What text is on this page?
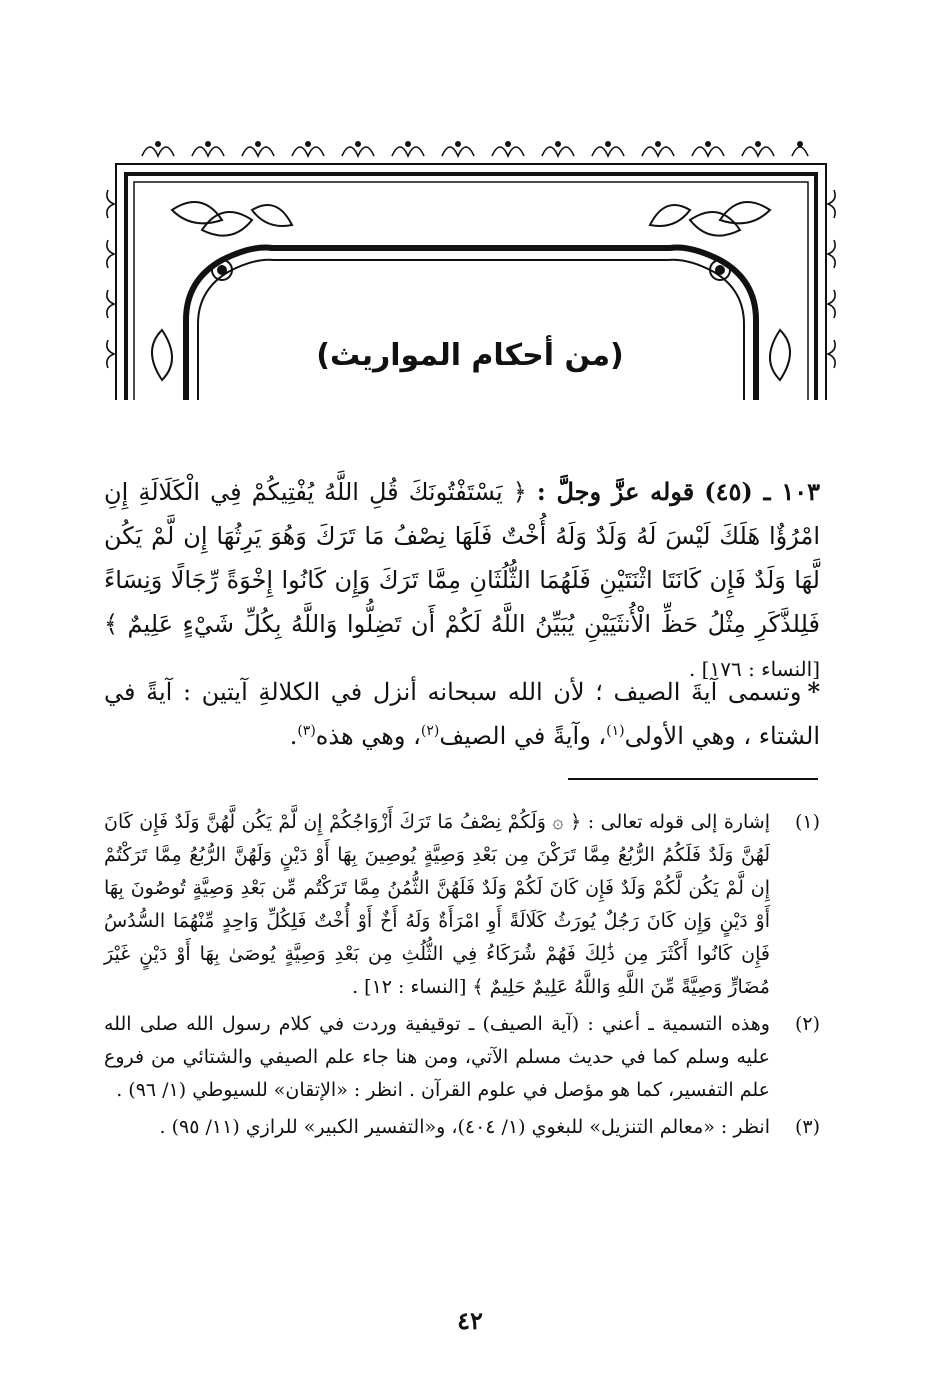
(من أحكام المواريث)
١٠٣ ـ (٤٥) قوله عزَّ وجلَّ : ﴿ يَسْتَفْتُونَكَ قُلِ اللَّهُ يُفْتِيكُمْ فِي الْكَلَالَةِ إِنِ امْرُؤٌا هَلَكَ لَيْسَ لَهُ وَلَدٌ وَلَهُ أُخْتٌ فَلَهَا نِصْفُ مَا تَرَكَ وَهُوَ يَرِثُهَا إِن لَّمْ يَكُن لَّهَا وَلَدٌ فَإِن كَانَتَا اثْنَتَيْنِ فَلَهُمَا الثُّلُثَانِ مِمَّا تَرَكَ وَإِن كَانُوا إِخْوَةً رِّجَالًا وَنِسَاءً فَلِلذَّكَرِ مِثْلُ حَظِّ الْأُنثَيَيْنِ يُبَيِّنُ اللَّهُ لَكُمْ أَن تَضِلُّوا وَاللَّهُ بِكُلِّ شَيْءٍ عَلِيمٌ ﴾ [النساء : ١٧٦] .
*وتسمى آيةَ الصيف ؛ لأن الله سبحانه أنزل في الكلالةِ آيتين : آيةً في الشتاء ، وهي الأولى$^{(١)}$، وآيةً في الصيف$^{(٢)}$، وهي هذه$^{(٣)}$.
(١)
إشارة إلى قوله تعالى : ﴿ ۞ وَلَكُمْ نِصْفُ مَا تَرَكَ أَزْوَاجُكُمْ إِن لَّمْ يَكُن لَّهُنَّ وَلَدٌ فَإِن كَانَ لَهُنَّ وَلَدٌ فَلَكُمُ الرُّبُعُ مِمَّا تَرَكْنَ مِن بَعْدِ وَصِيَّةٍ يُوصِينَ بِهَا أَوْ دَيْنٍ وَلَهُنَّ الرُّبُعُ مِمَّا تَرَكْتُمْ إِن لَّمْ يَكُن لَّكُمْ وَلَدٌ فَإِن كَانَ لَكُمْ وَلَدٌ فَلَهُنَّ الثُّمُنُ مِمَّا تَرَكْتُم مِّن بَعْدِ وَصِيَّةٍ تُوصُونَ بِهَا أَوْ دَيْنٍ وَإِن كَانَ رَجُلٌ يُورَثُ كَلَالَةً أَوِ امْرَأَةٌ وَلَهُ أَخٌ أَوْ أُخْتٌ فَلِكُلِّ وَاحِدٍ مِّنْهُمَا السُّدُسُ فَإِن كَانُوا أَكْثَرَ مِن ذَٰلِكَ فَهُمْ شُرَكَاءُ فِي الثُّلُثِ مِن بَعْدِ وَصِيَّةٍ يُوصَىٰ بِهَا أَوْ دَيْنٍ غَيْرَ مُضَارٍّ وَصِيَّةً مِّنَ اللَّهِ وَاللَّهُ عَلِيمٌ حَلِيمٌ ﴾ [النساء : ١٢] .
(٢)
وهذه التسمية ـ أعني : (آية الصيف) ـ توقيفية وردت في كلام رسول الله صلى الله عليه وسلم كما في حديث مسلم الآتي، ومن هنا جاء علم الصيفي والشتائي من فروع علم التفسير، كما هو مؤصل في علوم القرآن . انظر : «الإتقان» للسيوطي (١/ ٩٦) .
(٣)
انظر : «معالم التنزيل» للبغوي (١/ ٤٠٤)، و«التفسير الكبير» للرازي (١١/ ٩٥) .
٤٢
